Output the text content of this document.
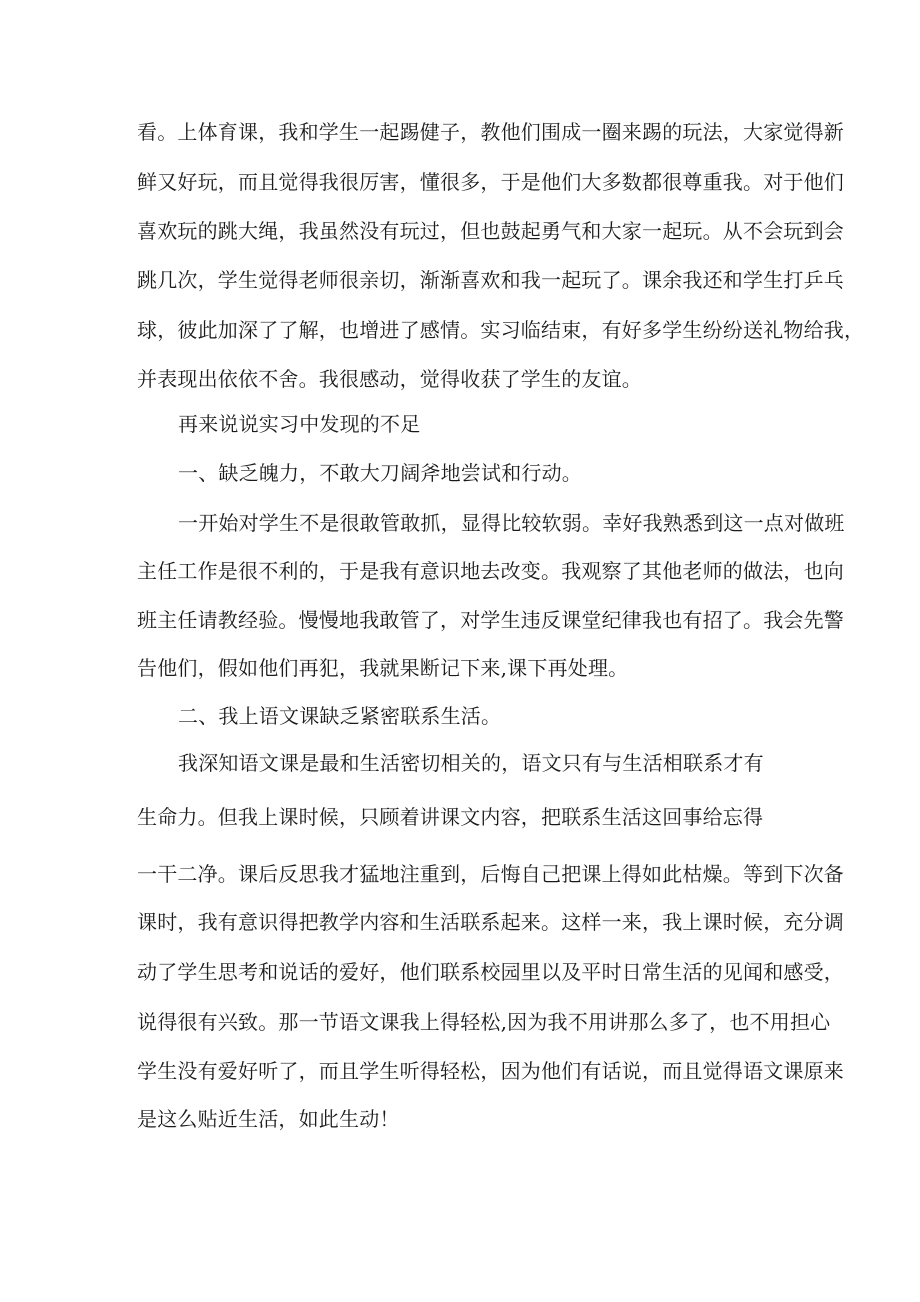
看。上体育课，我和学生一起踢健子，教他们围成一圈来踢的玩法，大家觉得新
鲜又好玩，而且觉得我很厉害，懂很多，于是他们大多数都很尊重我。对于他们
喜欢玩的跳大绳，我虽然没有玩过，但也鼓起勇气和大家一起玩。从不会玩到会
跳几次，学生觉得老师很亲切，渐渐喜欢和我一起玩了。课余我还和学生打乒乓
球，彼此加深了了解，也增进了感情。实习临结束，有好多学生纷纷送礼物给我，
并表现出依依不舍。我很感动，觉得收获了学生的友谊。
再来说说实习中发现的不足
一、缺乏魄力，不敢大刀阔斧地尝试和行动。
一开始对学生不是很敢管敢抓，显得比较软弱。幸好我熟悉到这一点对做班
主任工作是很不利的，于是我有意识地去改变。我观察了其他老师的做法，也向
班主任请教经验。慢慢地我敢管了，对学生违反课堂纪律我也有招了。我会先警
告他们，假如他们再犯，我就果断记下来,课下再处理。
二、我上语文课缺乏紧密联系生活。
我深知语文课是最和生活密切相关的，语文只有与生活相联系才有
生命力。但我上课时候，只顾着讲课文内容，把联系生活这回事给忘得
一干二净。课后反思我才猛地注重到，后悔自己把课上得如此枯燥。等到下次备
课时，我有意识得把教学内容和生活联系起来。这样一来，我上课时候，充分调
动了学生思考和说话的爱好，他们联系校园里以及平时日常生活的见闻和感受，
说得很有兴致。那一节语文课我上得轻松,因为我不用讲那么多了，也不用担心
学生没有爱好听了，而且学生听得轻松，因为他们有话说，而且觉得语文课原来
是这么贴近生活，如此生动！
